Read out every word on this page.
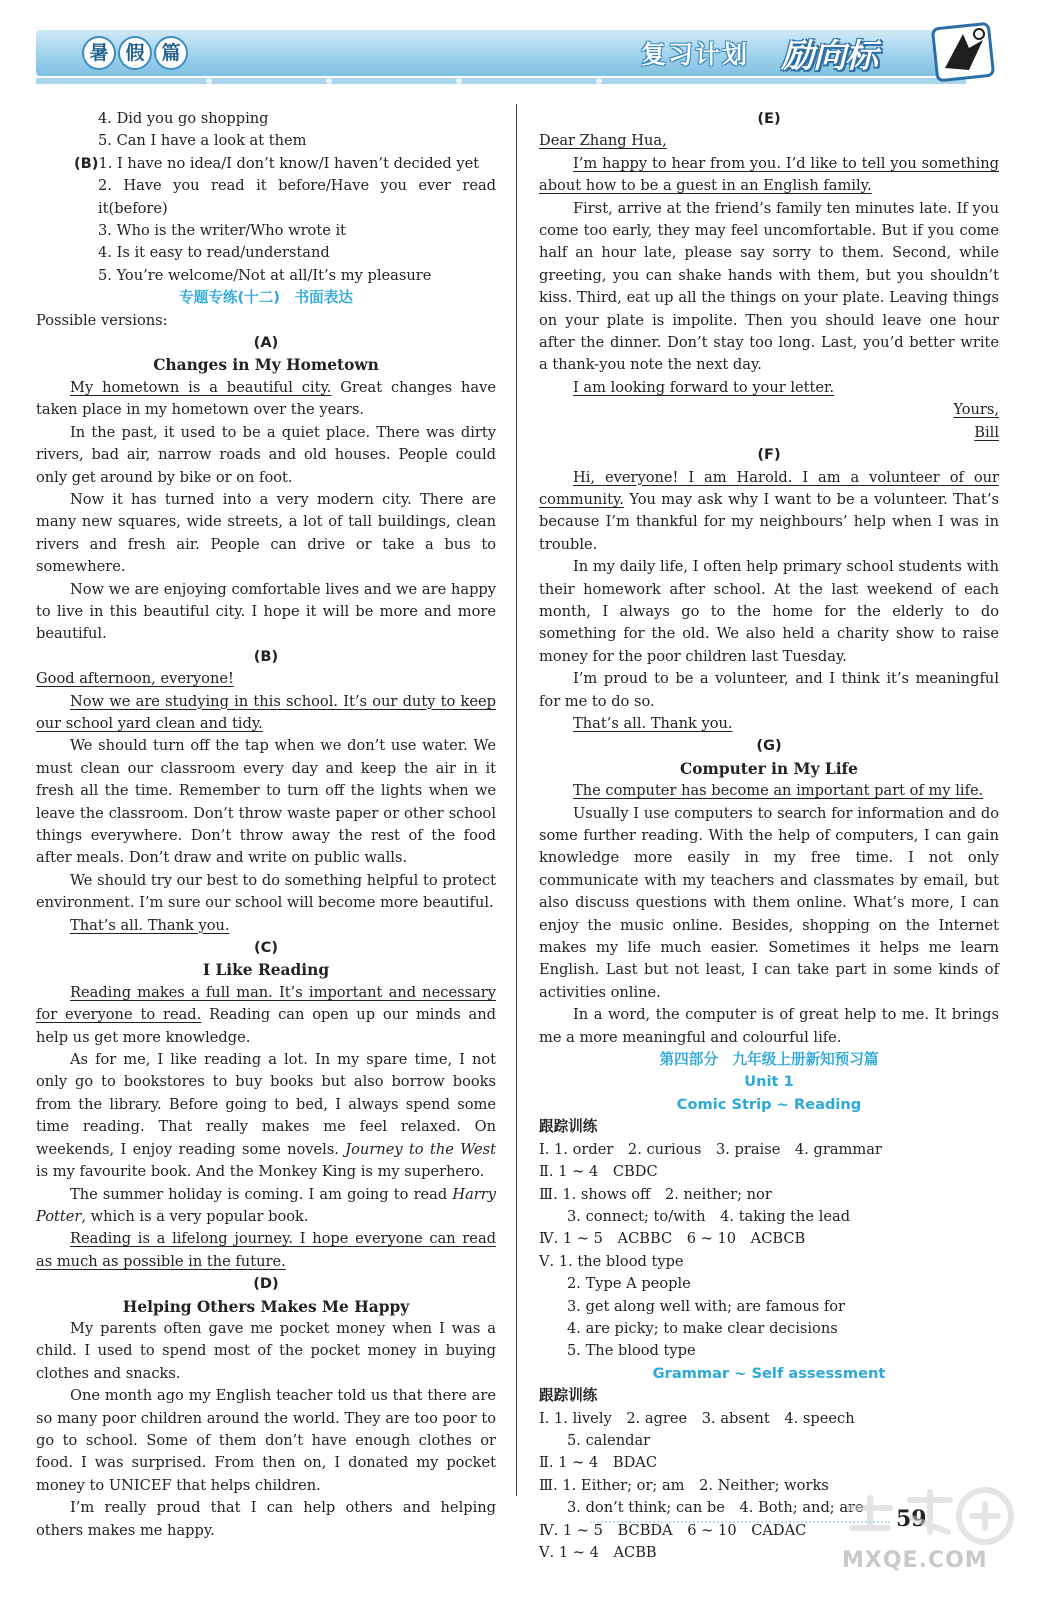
暑 假 篇	复习计划 励向标

4. Did you go shopping

5. Can I have a look at them

(B)1. I have no idea/I don’t know/I haven’t decided yet

2. Have you read it before/Have you ever read it(before)

3. Who is the writer/Who wrote it

4. Is it easy to read/understand

5. You’re welcome/Not at all/It’s my pleasure

专题专练(十二)　书面表达

Possible versions:

(A)

Changes in My Hometown

My hometown is a beautiful city. Great changes have taken place in my hometown over the years.

In the past, it used to be a quiet place. There was dirty rivers, bad air, narrow roads and old houses. People could only get around by bike or on foot.

Now it has turned into a very modern city. There are many new squares, wide streets, a lot of tall buildings, clean rivers and fresh air. People can drive or take a bus to somewhere.

Now we are enjoying comfortable lives and we are happy to live in this beautiful city. I hope it will be more and more beautiful.

(B)

Good afternoon, everyone!

Now we are studying in this school. It’s our duty to keep our school yard clean and tidy.

We should turn off the tap when we don’t use water. We must clean our classroom every day and keep the air in it fresh all the time. Remember to turn off the lights when we leave the classroom. Don’t throw waste paper or other school things everywhere. Don’t throw away the rest of the food after meals. Don’t draw and write on public walls.

We should try our best to do something helpful to protect environment. I’m sure our school will become more beautiful.

That’s all. Thank you.

(C)

I Like Reading

Reading makes a full man. It’s important and necessary for everyone to read. Reading can open up our minds and help us get more knowledge.

As for me, I like reading a lot. In my spare time, I not only go to bookstores to buy books but also borrow books from the library. Before going to bed, I always spend some time reading. That really makes me feel relaxed. On weekends, I enjoy reading some novels. Journey to the West is my favourite book. And the Monkey King is my superhero.

The summer holiday is coming. I am going to read Harry Potter, which is a very popular book.

Reading is a lifelong journey. I hope everyone can read as much as possible in the future.

(D)

Helping Others Makes Me Happy

My parents often gave me pocket money when I was a child. I used to spend most of the pocket money in buying clothes and snacks.

One month ago my English teacher told us that there are so many poor children around the world. They are too poor to go to school. Some of them don’t have enough clothes or food. I was surprised. From then on, I donated my pocket money to UNICEF that helps children.

I’m really proud that I can help others and helping others makes me happy.

(E)

Dear Zhang Hua,

I’m happy to hear from you. I’d like to tell you something about how to be a guest in an English family.

First, arrive at the friend’s family ten minutes late. If you come too early, they may feel uncomfortable. But if you come half an hour late, please say sorry to them. Second, while greeting, you can shake hands with them, but you shouldn’t kiss. Third, eat up all the things on your plate. Leaving things on your plate is impolite. Then you should leave one hour after the dinner. Don’t stay too long. Last, you’d better write a thank-you note the next day.

I am looking forward to your letter.

Yours,

Bill

(F)

Hi, everyone! I am Harold. I am a volunteer of our community. You may ask why I want to be a volunteer. That’s because I’m thankful for my neighbours’ help when I was in trouble.

In my daily life, I often help primary school students with their homework after school. At the last weekend of each month, I always go to the home for the elderly to do something for the old. We also held a charity show to raise money for the poor children last Tuesday.

I’m proud to be a volunteer, and I think it’s meaningful for me to do so.

That’s all. Thank you.

(G)

Computer in My Life

The computer has become an important part of my life.

Usually I use computers to search for information and do some further reading. With the help of computers, I can gain knowledge more easily in my free time. I not only communicate with my teachers and classmates by email, but also discuss questions with them online. What’s more, I can enjoy the music online. Besides, shopping on the Internet makes my life much easier. Sometimes it helps me learn English. Last but not least, I can take part in some kinds of activities online.

In a word, the computer is of great help to me. It brings me a more meaningful and colourful life.

第四部分　九年级上册新知预习篇

Unit 1

Comic Strip ~ Reading

跟踪训练

Ⅰ. 1. order　2. curious　3. praise　4. grammar

Ⅱ. 1 ~ 4　CBDC

Ⅲ. 1. shows off　2. neither; nor

3. connect; to/with　4. taking the lead

Ⅳ. 1 ~ 5　ACBBC　6 ~ 10　ACBCB

Ⅴ. 1. the blood type

2. Type A people

3. get along well with; are famous for

4. are picky; to make clear decisions

5. The blood type

Grammar ~ Self assessment

跟踪训练

Ⅰ. 1. lively　2. agree　3. absent　4. speech

5. calendar

Ⅱ. 1 ~ 4　BDAC

Ⅲ. 1. Either; or; am　2. Neither; works

3. don’t think; can be　4. Both; and; are

Ⅳ. 1 ~ 5　BCBDA　6 ~ 10　CADAC

Ⅴ. 1 ~ 4　ACBB

59
MXQE.COM
